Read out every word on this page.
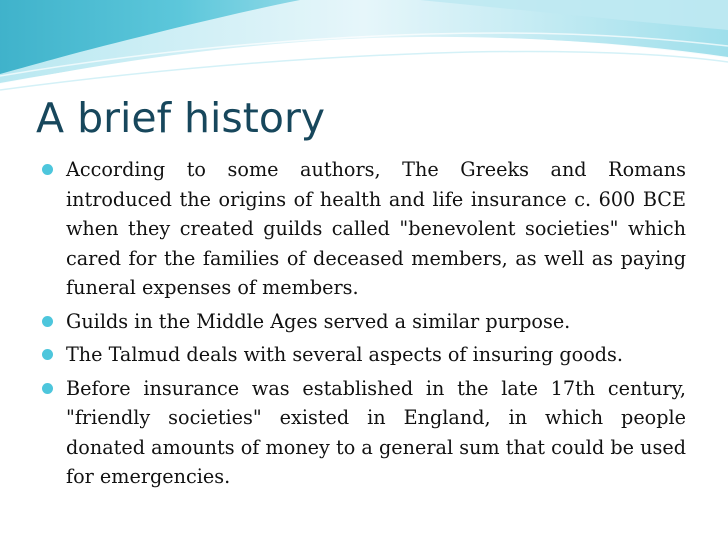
A brief history
According to some authors, The Greeks and Romans introduced the origins of health and life insurance c. 600 BCE when they created guilds called "benevolent societies" which cared for the families of deceased members, as well as paying funeral expenses of members.
Guilds in the Middle Ages served a similar purpose.
The Talmud deals with several aspects of insuring goods.
Before insurance was established in the late 17th century, "friendly societies" existed in England, in which people donated amounts of money to a general sum that could be used for emergencies.
